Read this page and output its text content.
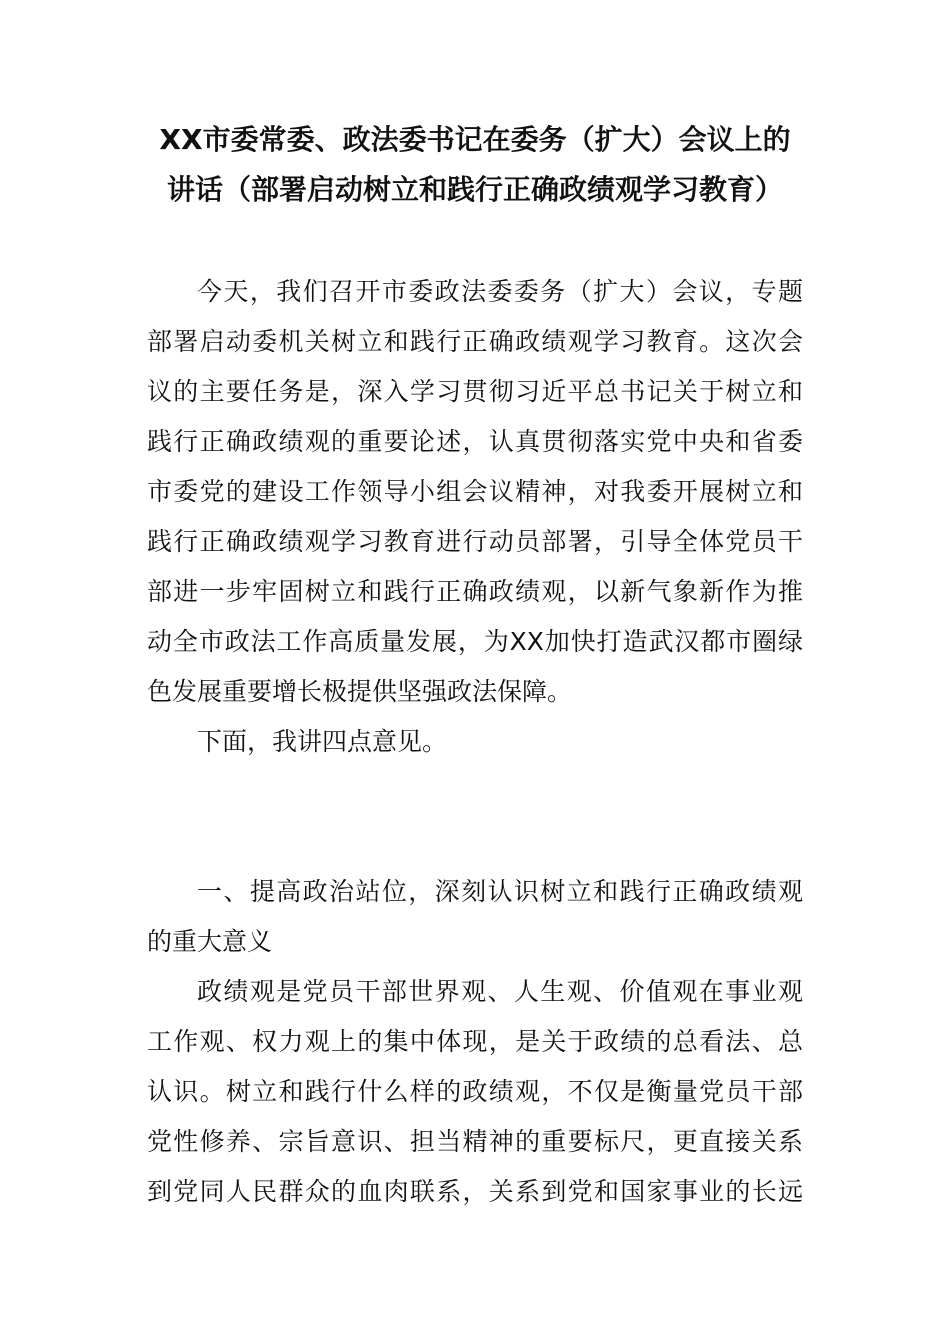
XX市委常委、政法委书记在委务（扩大）会议上的
讲话（部署启动树立和践行正确政绩观学习教育）
今天，我们召开市委政法委委务（扩大）会议，专题
部署启动委机关树立和践行正确政绩观学习教育。这次会
议的主要任务是，深入学习贯彻习近平总书记关于树立和
践行正确政绩观的重要论述，认真贯彻落实党中央和省委
市委党的建设工作领导小组会议精神，对我委开展树立和
践行正确政绩观学习教育进行动员部署，引导全体党员干
部进一步牢固树立和践行正确政绩观，以新气象新作为推
动全市政法工作高质量发展，为XX加快打造武汉都市圈绿
色发展重要增长极提供坚强政法保障。
下面，我讲四点意见。
一、提高政治站位，深刻认识树立和践行正确政绩观
的重大意义
政绩观是党员干部世界观、人生观、价值观在事业观
工作观、权力观上的集中体现，是关于政绩的总看法、总
认识。树立和践行什么样的政绩观，不仅是衡量党员干部
党性修养、宗旨意识、担当精神的重要标尺，更直接关系
到党同人民群众的血肉联系，关系到党和国家事业的长远
